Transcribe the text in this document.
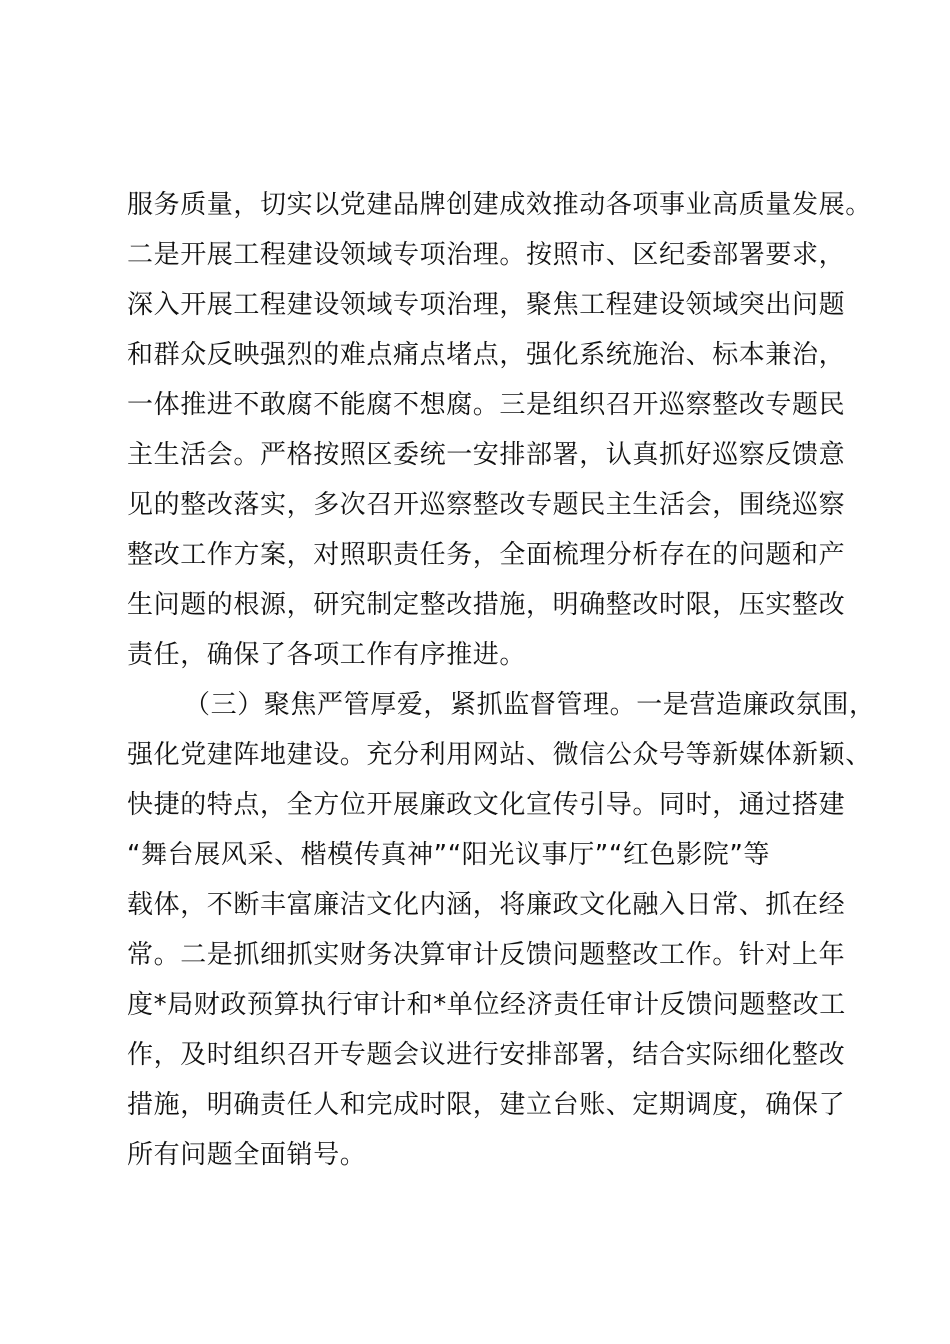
服务质量，切实以党建品牌创建成效推动各项事业高质量发展。
二是开展工程建设领域专项治理。按照市、区纪委部署要求，
深入开展工程建设领域专项治理，聚焦工程建设领域突出问题
和群众反映强烈的难点痛点堵点，强化系统施治、标本兼治，
一体推进不敢腐不能腐不想腐。三是组织召开巡察整改专题民
主生活会。严格按照区委统一安排部署，认真抓好巡察反馈意
见的整改落实，多次召开巡察整改专题民主生活会，围绕巡察
整改工作方案，对照职责任务，全面梳理分析存在的问题和产
生问题的根源，研究制定整改措施，明确整改时限，压实整改
责任，确保了各项工作有序推进。
（三）聚焦严管厚爱，紧抓监督管理。一是营造廉政氛围，
强化党建阵地建设。充分利用网站、微信公众号等新媒体新颖、
快捷的特点，全方位开展廉政文化宣传引导。同时，通过搭建
“舞台展风采、楷模传真神”“阳光议事厅”“红色影院”等
载体，不断丰富廉洁文化内涵，将廉政文化融入日常、抓在经
常。二是抓细抓实财务决算审计反馈问题整改工作。针对上年
度*局财政预算执行审计和*单位经济责任审计反馈问题整改工
作，及时组织召开专题会议进行安排部署，结合实际细化整改
措施，明确责任人和完成时限，建立台账、定期调度，确保了
所有问题全面销号。
